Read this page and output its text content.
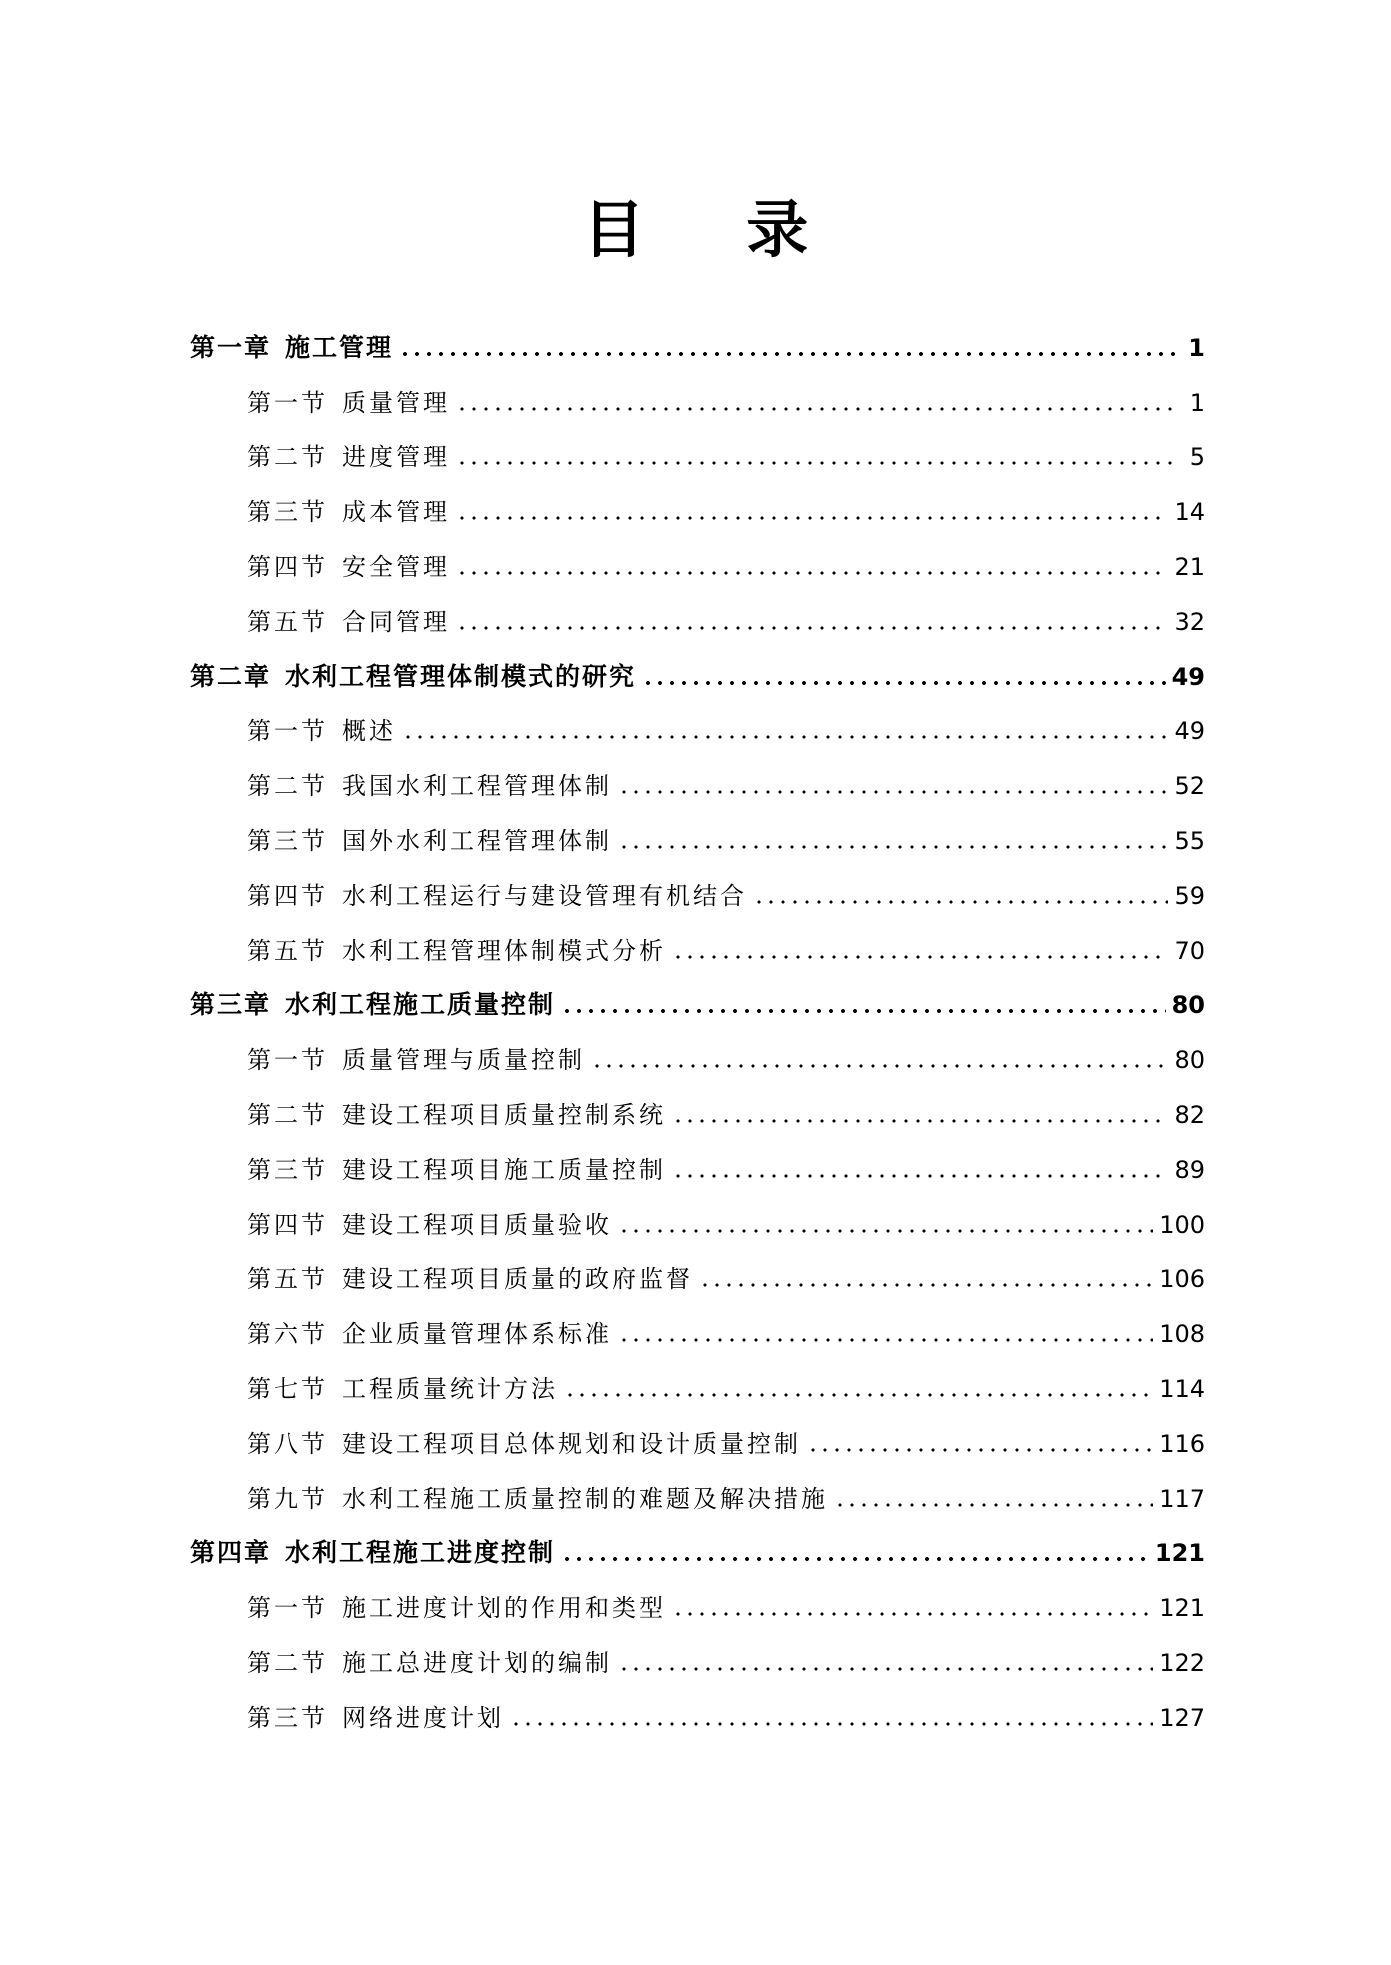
目 录
第一章 施工管理	1
第一节 质量管理	1
第二节 进度管理	5
第三节 成本管理	14
第四节 安全管理	21
第五节 合同管理	32
第二章 水利工程管理体制模式的研究	49
第一节 概述	49
第二节 我国水利工程管理体制	52
第三节 国外水利工程管理体制	55
第四节 水利工程运行与建设管理有机结合	59
第五节 水利工程管理体制模式分析	70
第三章 水利工程施工质量控制	80
第一节 质量管理与质量控制	80
第二节 建设工程项目质量控制系统	82
第三节 建设工程项目施工质量控制	89
第四节 建设工程项目质量验收	100
第五节 建设工程项目质量的政府监督	106
第六节 企业质量管理体系标准	108
第七节 工程质量统计方法	114
第八节 建设工程项目总体规划和设计质量控制	116
第九节 水利工程施工质量控制的难题及解决措施	117
第四章 水利工程施工进度控制	121
第一节 施工进度计划的作用和类型	121
第二节 施工总进度计划的编制	122
第三节 网络进度计划	127
